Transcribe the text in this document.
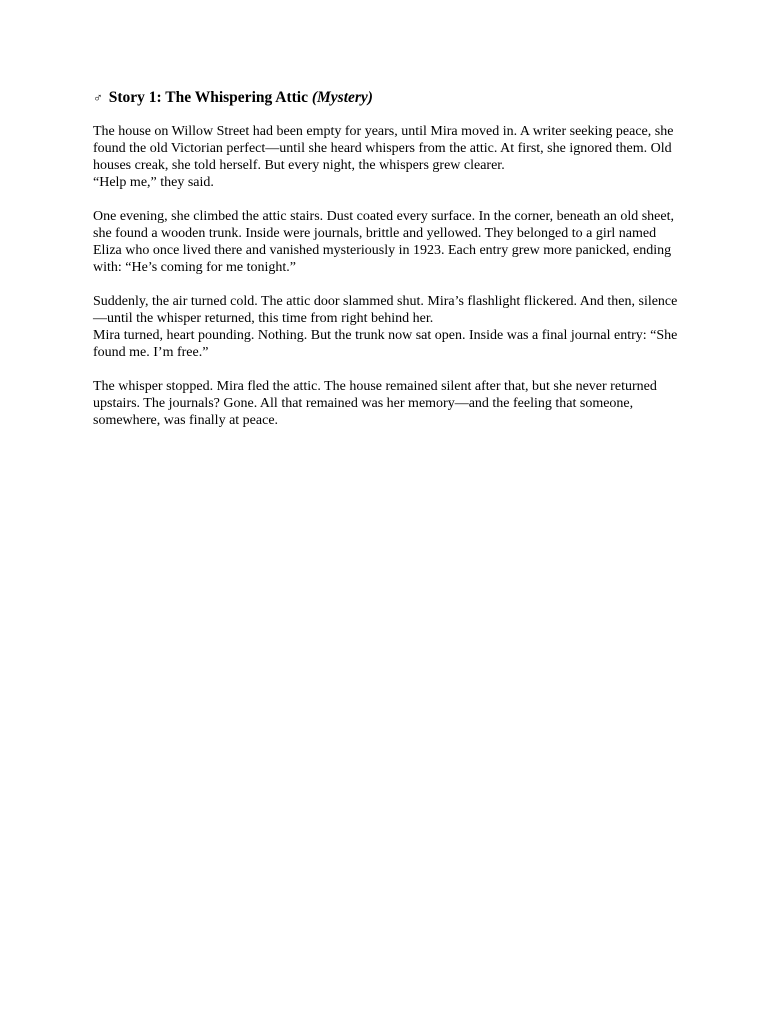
♂ Story 1: The Whispering Attic (Mystery)

The house on Willow Street had been empty for years, until Mira moved in. A writer seeking peace, she found the old Victorian perfect—until she heard whispers from the attic. At first, she ignored them. Old houses creak, she told herself. But every night, the whispers grew clearer.
“Help me,” they said.

One evening, she climbed the attic stairs. Dust coated every surface. In the corner, beneath an old sheet, she found a wooden trunk. Inside were journals, brittle and yellowed. They belonged to a girl named Eliza who once lived there and vanished mysteriously in 1923. Each entry grew more panicked, ending with: “He’s coming for me tonight.”

Suddenly, the air turned cold. The attic door slammed shut. Mira’s flashlight flickered. And then, silence—until the whisper returned, this time from right behind her.
Mira turned, heart pounding. Nothing. But the trunk now sat open. Inside was a final journal entry: “She found me. I’m free.”

The whisper stopped. Mira fled the attic. The house remained silent after that, but she never returned upstairs. The journals? Gone. All that remained was her memory—and the feeling that someone, somewhere, was finally at peace.
